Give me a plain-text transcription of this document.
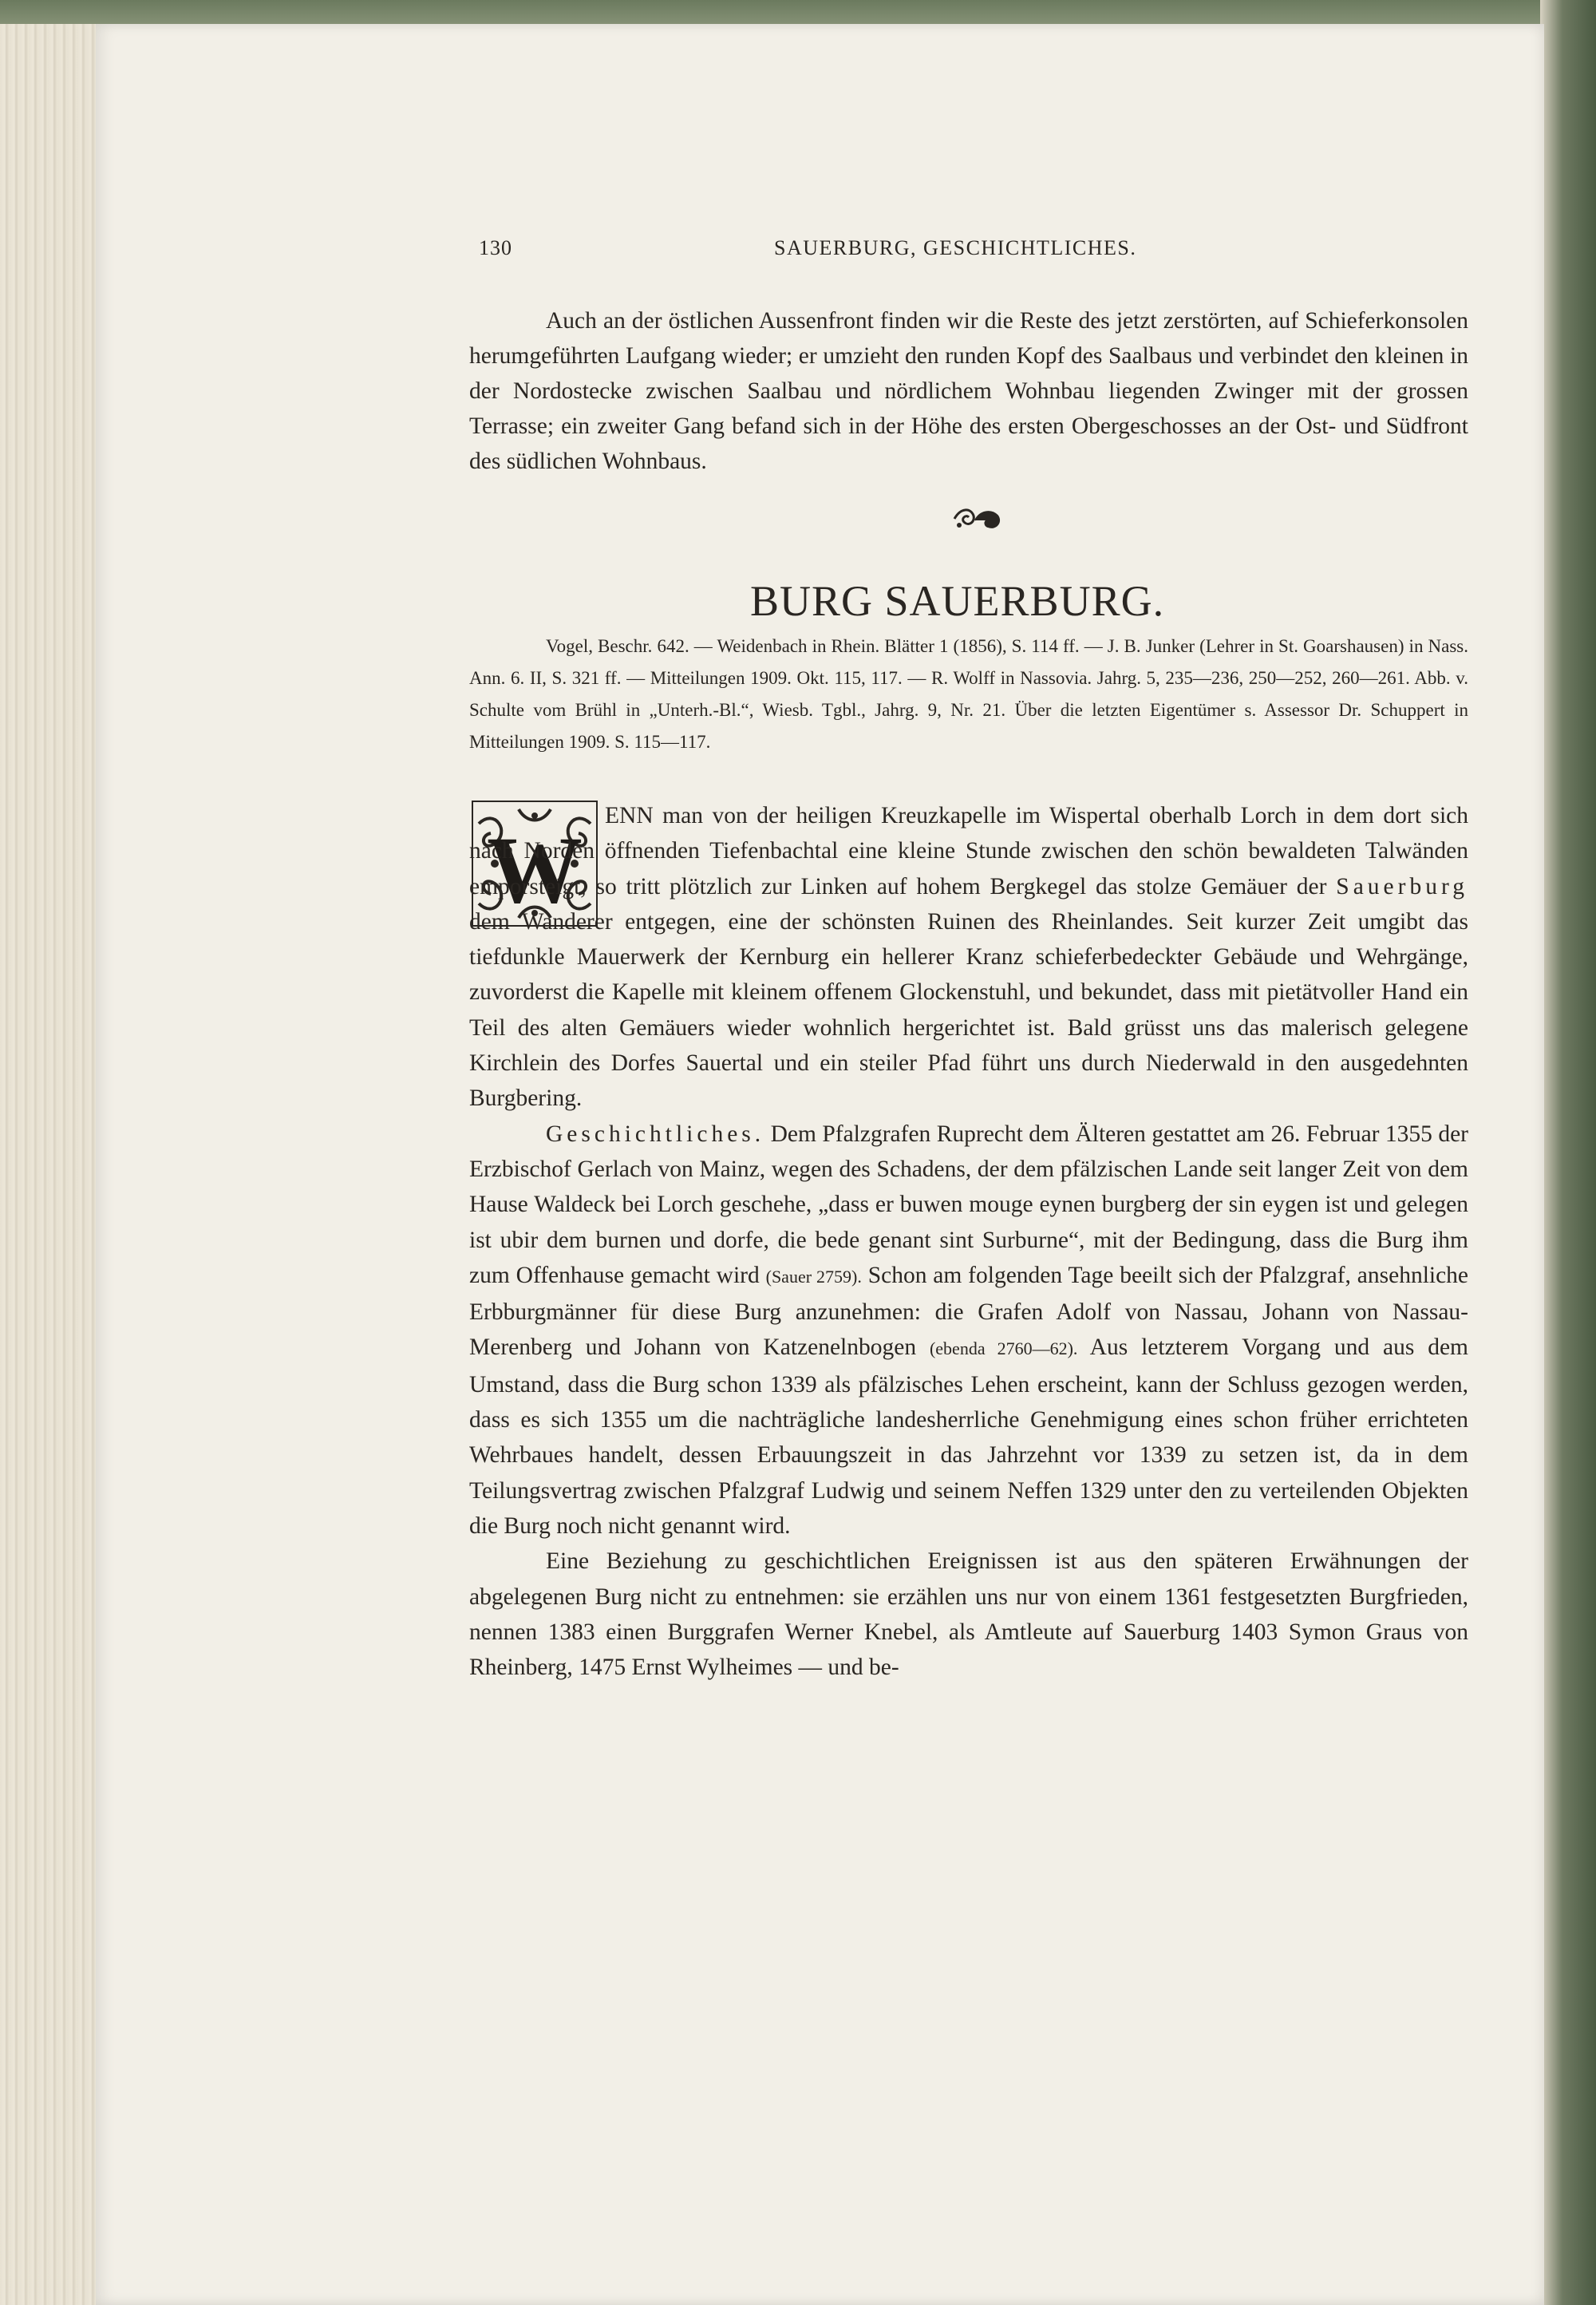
130	SAUERBURG, GESCHICHTLICHES.

Auch an der östlichen Aussenfront finden wir die Reste des jetzt zerstörten, auf Schieferkonsolen herumgeführten Laufgang wieder; er umzieht den runden Kopf des Saalbaus und verbindet den kleinen in der Nordostecke zwischen Saalbau und nördlichem Wohnbau liegenden Zwinger mit der grossen Terrasse; ein zweiter Gang befand sich in der Höhe des ersten Obergeschosses an der Ost- und Südfront des südlichen Wohnbaus.

BURG SAUERBURG.

Vogel, Beschr. 642. — Weidenbach in Rhein. Blätter 1 (1856), S. 114 ff. — J. B. Junker (Lehrer in St. Goarshausen) in Nass. Ann. 6. II, S. 321 ff. — Mitteilungen 1909. Okt. 115, 117. — R. Wolff in Nassovia. Jahrg. 5, 235—236, 250—252, 260—261. Abb. v. Schulte vom Brühl in „Unterh.-Bl.“, Wiesb. Tgbl., Jahrg. 9, Nr. 21. Über die letzten Eigentümer s. Assessor Dr. Schuppert in Mitteilungen 1909. S. 115—117.

W

ENN man von der heiligen Kreuzkapelle im Wispertal oberhalb Lorch in dem dort sich nach Norden öffnenden Tiefenbachtal eine kleine Stunde zwischen den schön bewaldeten Talwänden emporsteigt, so tritt plötzlich zur Linken auf hohem Bergkegel das stolze Gemäuer der Sauerburg dem Wanderer entgegen, eine der schönsten Ruinen des Rheinlandes. Seit kurzer Zeit umgibt das tiefdunkle Mauerwerk der Kernburg ein hellerer Kranz schieferbedeckter Gebäude und Wehrgänge, zuvorderst die Kapelle mit kleinem offenem Glockenstuhl, und bekundet, dass mit pietätvoller Hand ein Teil des alten Gemäuers wieder wohnlich hergerichtet ist. Bald grüsst uns das malerisch gelegene Kirchlein des Dorfes Sauertal und ein steiler Pfad führt uns durch Niederwald in den ausgedehnten Burgbering.

Geschichtliches. Dem Pfalzgrafen Ruprecht dem Älteren gestattet am 26. Februar 1355 der Erzbischof Gerlach von Mainz, wegen des Schadens, der dem pfälzischen Lande seit langer Zeit von dem Hause Waldeck bei Lorch geschehe, „dass er buwen mouge eynen burgberg der sin eygen ist und gelegen ist ubir dem burnen und dorfe, die bede genant sint Surburne“, mit der Bedingung, dass die Burg ihm zum Offenhause gemacht wird (Sauer 2759). Schon am folgenden Tage beeilt sich der Pfalzgraf, ansehnliche Erbburgmänner für diese Burg anzunehmen: die Grafen Adolf von Nassau, Johann von Nassau-Merenberg und Johann von Katzenelnbogen (ebenda 2760—62). Aus letzterem Vorgang und aus dem Umstand, dass die Burg schon 1339 als pfälzisches Lehen erscheint, kann der Schluss gezogen werden, dass es sich 1355 um die nachträgliche landesherrliche Genehmigung eines schon früher errichteten Wehrbaues handelt, dessen Erbauungszeit in das Jahrzehnt vor 1339 zu setzen ist, da in dem Teilungsvertrag zwischen Pfalzgraf Ludwig und seinem Neffen 1329 unter den zu verteilenden Objekten die Burg noch nicht genannt wird.

Eine Beziehung zu geschichtlichen Ereignissen ist aus den späteren Erwähnungen der abgelegenen Burg nicht zu entnehmen: sie erzählen uns nur von einem 1361 festgesetzten Burgfrieden, nennen 1383 einen Burggrafen Werner Knebel, als Amtleute auf Sauerburg 1403 Symon Graus von Rheinberg, 1475 Ernst Wylheimes — und be-
